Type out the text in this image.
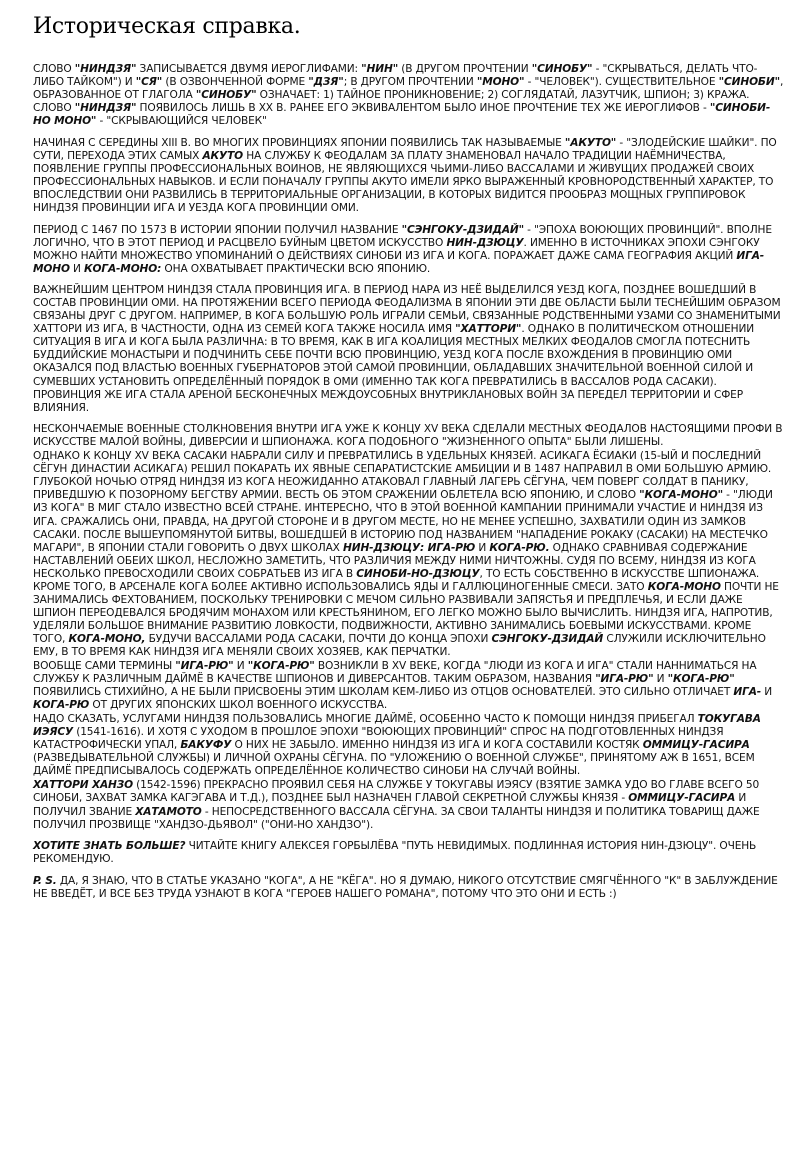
Историческая справка.

СЛОВО "НИНДЗЯ" ЗАПИСЫВАЕТСЯ ДВУМЯ ИЕРОГЛИФАМИ: "НИН" (В ДРУГОМ ПРОЧТЕНИИ "СИНОБУ" - "СКРЫВАТЬСЯ, ДЕЛАТЬ ЧТО-ЛИБО ТАЙКОМ") И "СЯ" (В ОЗВОНЧЕННОЙ ФОРМЕ "ДЗЯ"; В ДРУГОМ ПРОЧТЕНИИ "МОНО" - "ЧЕЛОВЕК"). СУЩЕСТВИТЕЛЬНОЕ "СИНОБИ", ОБРАЗОВАННОЕ ОТ ГЛАГОЛА "СИНОБУ" ОЗНАЧАЕТ: 1) ТАЙНОЕ ПРОНИКНОВЕНИЕ; 2) СОГЛЯДАТАЙ, ЛАЗУТЧИК, ШПИОН; 3) КРАЖА. СЛОВО "НИНДЗЯ" ПОЯВИЛОСЬ ЛИШЬ В XX В. РАНЕЕ ЕГО ЭКВИВАЛЕНТОМ БЫЛО ИНОЕ ПРОЧТЕНИЕ ТЕХ ЖЕ ИЕРОГЛИФОВ - "СИНОБИ-НО МОНО" - "СКРЫВАЮЩИЙСЯ ЧЕЛОВЕК"

НАЧИНАЯ С СЕРЕДИНЫ XIII В. ВО МНОГИХ ПРОВИНЦИЯХ ЯПОНИИ ПОЯВИЛИСЬ ТАК НАЗЫВАЕМЫЕ "АКУТО" - "ЗЛОДЕЙСКИЕ ШАЙКИ". ПО СУТИ, ПЕРЕХОДА ЭТИХ САМЫХ АКУТО НА СЛУЖБУ К ФЕОДАЛАМ ЗА ПЛАТУ ЗНАМЕНОВАЛ НАЧАЛО ТРАДИЦИИ НАЁМНИЧЕСТВА, ПОЯВЛЕНИЕ ГРУППЫ ПРОФЕССИОНАЛЬНЫХ ВОИНОВ, НЕ ЯВЛЯЮЩИХСЯ ЧЬИМИ-ЛИБО ВАССАЛАМИ И ЖИВУЩИХ ПРОДАЖЕЙ СВОИХ ПРОФЕССИОНАЛЬНЫХ НАВЫКОВ. И ЕСЛИ ПОНАЧАЛУ ГРУППЫ АКУТО ИМЕЛИ ЯРКО ВЫРАЖЕННЫЙ КРОВНОРОДСТВЕННЫЙ ХАРАКТЕР, ТО ВПОСЛЕДСТВИИ ОНИ РАЗВИЛИСЬ В ТЕРРИТОРИАЛЬНЫЕ ОРГАНИЗАЦИИ, В КОТОРЫХ ВИДИТСЯ ПРООБРАЗ МОЩНЫХ ГРУППИРОВОК НИНДЗЯ ПРОВИНЦИИ ИГА И УЕЗДА КОГА ПРОВИНЦИИ ОМИ.

ПЕРИОД С 1467 ПО 1573 В ИСТОРИИ ЯПОНИИ ПОЛУЧИЛ НАЗВАНИЕ "СЭНГОКУ-ДЗИДАЙ" - "ЭПОХА ВОЮЮЩИХ ПРОВИНЦИЙ". ВПОЛНЕ ЛОГИЧНО, ЧТО В ЭТОТ ПЕРИОД И РАСЦВЕЛО БУЙНЫМ ЦВЕТОМ ИСКУССТВО НИН-ДЗЮЦУ. ИМЕННО В ИСТОЧНИКАХ ЭПОХИ СЭНГОКУ МОЖНО НАЙТИ МНОЖЕСТВО УПОМИНАНИЙ О ДЕЙСТВИЯХ СИНОБИ ИЗ ИГА И КОГА. ПОРАЖАЕТ ДАЖЕ САМА ГЕОГРАФИЯ АКЦИЙ ИГА-МОНО И КОГА-МОНО: ОНА ОХВАТЫВАЕТ ПРАКТИЧЕСКИ ВСЮ ЯПОНИЮ.

ВАЖНЕЙШИМ ЦЕНТРОМ НИНДЗЯ СТАЛА ПРОВИНЦИЯ ИГА. В ПЕРИОД НАРА ИЗ НЕЁ ВЫДЕЛИЛСЯ УЕЗД КОГА, ПОЗДНЕЕ ВОШЕДШИЙ В СОСТАВ ПРОВИНЦИИ ОМИ. НА ПРОТЯЖЕНИИ ВСЕГО ПЕРИОДА ФЕОДАЛИЗМА В ЯПОНИИ ЭТИ ДВЕ ОБЛАСТИ БЫЛИ ТЕСНЕЙШИМ ОБРАЗОМ СВЯЗАНЫ ДРУГ С ДРУГОМ. НАПРИМЕР, В КОГА БОЛЬШУЮ РОЛЬ ИГРАЛИ СЕМЬИ, СВЯЗАННЫЕ РОДСТВЕННЫМИ УЗАМИ СО ЗНАМЕНИТЫМИ ХАТТОРИ ИЗ ИГА, В ЧАСТНОСТИ, ОДНА ИЗ СЕМЕЙ КОГА ТАКЖЕ НОСИЛА ИМЯ "ХАТТОРИ". ОДНАКО В ПОЛИТИЧЕСКОМ ОТНОШЕНИИ СИТУАЦИЯ В ИГА И КОГА БЫЛА РАЗЛИЧНА: В ТО ВРЕМЯ, КАК В ИГА КОАЛИЦИЯ МЕСТНЫХ МЕЛКИХ ФЕОДАЛОВ СМОГЛА ПОТЕСНИТЬ БУДДИЙСКИЕ МОНАСТЫРИ И ПОДЧИНИТЬ СЕБЕ ПОЧТИ ВСЮ ПРОВИНЦИЮ, УЕЗД КОГА ПОСЛЕ ВХОЖДЕНИЯ В ПРОВИНЦИЮ ОМИ ОКАЗАЛСЯ ПОД ВЛАСТЬЮ ВОЕННЫХ ГУБЕРНАТОРОВ ЭТОЙ САМОЙ ПРОВИНЦИИ, ОБЛАДАВШИХ ЗНАЧИТЕЛЬНОЙ ВОЕННОЙ СИЛОЙ И СУМЕВШИХ УСТАНОВИТЬ ОПРЕДЕЛЁННЫЙ ПОРЯДОК В ОМИ (ИМЕННО ТАК КОГА ПРЕВРАТИЛИСЬ В ВАССАЛОВ РОДА САСАКИ). ПРОВИНЦИЯ ЖЕ ИГА СТАЛА АРЕНОЙ БЕСКОНЕЧНЫХ МЕЖДОУСОБНЫХ ВНУТРИКЛАНОВЫХ ВОЙН ЗА ПЕРЕДЕЛ ТЕРРИТОРИИ И СФЕР ВЛИЯНИЯ.

НЕСКОНЧАЕМЫЕ ВОЕННЫЕ СТОЛКНОВЕНИЯ ВНУТРИ ИГА УЖЕ К КОНЦУ XV ВЕКА СДЕЛАЛИ МЕСТНЫХ ФЕОДАЛОВ НАСТОЯЩИМИ ПРОФИ В ИСКУССТВЕ МАЛОЙ ВОЙНЫ, ДИВЕРСИИ И ШПИОНАЖА. КОГА ПОДОБНОГО "ЖИЗНЕННОГО ОПЫТА" БЫЛИ ЛИШЕНЫ.

ОДНАКО К КОНЦУ XV ВЕКА САСАКИ НАБРАЛИ СИЛУ И ПРЕВРАТИЛИСЬ В УДЕЛЬНЫХ КНЯЗЕЙ. АСИКАГА ЁСИАКИ (15-ЫЙ И ПОСЛЕДНИЙ СЁГУН ДИНАСТИИ АСИКАГА) РЕШИЛ ПОКАРАТЬ ИХ ЯВНЫЕ СЕПАРАТИСТСКИЕ АМБИЦИИ И В 1487 НАПРАВИЛ В ОМИ БОЛЬШУЮ АРМИЮ. ГЛУБОКОЙ НОЧЬЮ ОТРЯД НИНДЗЯ ИЗ КОГА НЕОЖИДАННО АТАКОВАЛ ГЛАВНЫЙ ЛАГЕРЬ СЁГУНА, ЧЕМ ПОВЕРГ СОЛДАТ В ПАНИКУ, ПРИВЕДШУЮ К ПОЗОРНОМУ БЕГСТВУ АРМИИ. ВЕСТЬ ОБ ЭТОМ СРАЖЕНИИ ОБЛЕТЕЛА ВСЮ ЯПОНИЮ, И СЛОВО "КОГА-МОНО" - "ЛЮДИ ИЗ КОГА" В МИГ СТАЛО ИЗВЕСТНО ВСЕЙ СТРАНЕ. ИНТЕРЕСНО, ЧТО В ЭТОЙ ВОЕННОЙ КАМПАНИИ ПРИНИМАЛИ УЧАСТИЕ И НИНДЗЯ ИЗ ИГА. СРАЖАЛИСЬ ОНИ, ПРАВДА, НА ДРУГОЙ СТОРОНЕ И В ДРУГОМ МЕСТЕ, НО НЕ МЕНЕЕ УСПЕШНО, ЗАХВАТИЛИ ОДИН ИЗ ЗАМКОВ САСАКИ. ПОСЛЕ ВЫШЕУПОМЯНУТОЙ БИТВЫ, ВОШЕДШЕЙ В ИСТОРИЮ ПОД НАЗВАНИЕМ "НАПАДЕНИЕ РОКАКУ (САСАКИ) НА МЕСТЕЧКО МАГАРИ", В ЯПОНИИ СТАЛИ ГОВОРИТЬ О ДВУХ ШКОЛАХ НИН-ДЗЮЦУ: ИГА-РЮ И КОГА-РЮ. ОДНАКО СРАВНИВАЯ СОДЕРЖАНИЕ НАСТАВЛЕНИЙ ОБЕИХ ШКОЛ, НЕСЛОЖНО ЗАМЕТИТЬ, ЧТО РАЗЛИЧИЯ МЕЖДУ НИМИ НИЧТОЖНЫ. СУДЯ ПО ВСЕМУ, НИНДЗЯ ИЗ КОГА НЕСКОЛЬКО ПРЕВОСХОДИЛИ СВОИХ СОБРАТЬЕВ ИЗ ИГА В СИНОБИ-НО-ДЗЮЦУ, ТО ЕСТЬ СОБСТВЕННО В ИСКУССТВЕ ШПИОНАЖА. КРОМЕ ТОГО, В АРСЕНАЛЕ КОГА БОЛЕЕ АКТИВНО ИСПОЛЬЗОВАЛИСЬ ЯДЫ И ГАЛЛЮЦИНОГЕННЫЕ СМЕСИ. ЗАТО КОГА-МОНО ПОЧТИ НЕ ЗАНИМАЛИСЬ ФЕХТОВАНИЕМ, ПОСКОЛЬКУ ТРЕНИРОВКИ С МЕЧОМ СИЛЬНО РАЗВИВАЛИ ЗАПЯСТЬЯ И ПРЕДПЛЕЧЬЯ, И ЕСЛИ ДАЖЕ ШПИОН ПЕРЕОДЕВАЛСЯ БРОДЯЧИМ МОНАХОМ ИЛИ КРЕСТЬЯНИНОМ, ЕГО ЛЕГКО МОЖНО БЫЛО ВЫЧИСЛИТЬ. НИНДЗЯ ИГА, НАПРОТИВ, УДЕЛЯЛИ БОЛЬШОЕ ВНИМАНИЕ РАЗВИТИЮ ЛОВКОСТИ, ПОДВИЖНОСТИ, АКТИВНО ЗАНИМАЛИСЬ БОЕВЫМИ ИСКУССТВАМИ. КРОМЕ ТОГО, КОГА-МОНО, БУДУЧИ ВАССАЛАМИ РОДА САСАКИ, ПОЧТИ ДО КОНЦА ЭПОХИ СЭНГОКУ-ДЗИДАЙ СЛУЖИЛИ ИСКЛЮЧИТЕЛЬНО ЕМУ, В ТО ВРЕМЯ КАК НИНДЗЯ ИГА МЕНЯЛИ СВОИХ ХОЗЯЕВ, КАК ПЕРЧАТКИ.

ВООБЩЕ САМИ ТЕРМИНЫ "ИГА-РЮ" И "КОГА-РЮ" ВОЗНИКЛИ В XV ВЕКЕ, КОГДА "ЛЮДИ ИЗ КОГА И ИГА" СТАЛИ НАННИМАТЬСЯ НА СЛУЖБУ К РАЗЛИЧНЫМ ДАЙМЁ В КАЧЕСТВЕ ШПИОНОВ И ДИВЕРСАНТОВ. ТАКИМ ОБРАЗОМ, НАЗВАНИЯ "ИГА-РЮ" И "КОГА-РЮ" ПОЯВИЛИСЬ СТИХИЙНО, А НЕ БЫЛИ ПРИСВОЕНЫ ЭТИМ ШКОЛАМ КЕМ-ЛИБО ИЗ ОТЦОВ ОСНОВАТЕЛЕЙ. ЭТО СИЛЬНО ОТЛИЧАЕТ ИГА- И КОГА-РЮ ОТ ДРУГИХ ЯПОНСКИХ ШКОЛ ВОЕННОГО ИСКУССТВА.

НАДО СКАЗАТЬ, УСЛУГАМИ НИНДЗЯ ПОЛЬЗОВАЛИСЬ МНОГИЕ ДАЙМЁ, ОСОБЕННО ЧАСТО К ПОМОЩИ НИНДЗЯ ПРИБЕГАЛ ТОКУГАВА ИЭЯСУ (1541-1616). И ХОТЯ С УХОДОМ В ПРОШЛОЕ ЭПОХИ "ВОЮЮЩИХ ПРОВИНЦИЙ" СПРОС НА ПОДГОТОВЛЕННЫХ НИНДЗЯ КАТАСТРОФИЧЕСКИ УПАЛ, БАКУФУ О НИХ НЕ ЗАБЫЛО. ИМЕННО НИНДЗЯ ИЗ ИГА И КОГА СОСТАВИЛИ КОСТЯК ОММИЦУ-ГАСИРА (РАЗВЕДЫВАТЕЛЬНОЙ СЛУЖБЫ) И ЛИЧНОЙ ОХРАНЫ СЁГУНА. ПО "УЛОЖЕНИЮ О ВОЕННОЙ СЛУЖБЕ", ПРИНЯТОМУ АЖ В 1651, ВСЕМ ДАЙМЁ ПРЕДПИСЫВАЛОСЬ СОДЕРЖАТЬ ОПРЕДЕЛЁННОЕ КОЛИЧЕСТВО СИНОБИ НА СЛУЧАЙ ВОЙНЫ.

ХАТТОРИ ХАНЗО (1542-1596) ПРЕКРАСНО ПРОЯВИЛ СЕБЯ НА СЛУЖБЕ У ТОКУГАВЫ ИЭЯСУ (ВЗЯТИЕ ЗАМКА УДО ВО ГЛАВЕ ВСЕГО 50 СИНОБИ, ЗАХВАТ ЗАМКА КАГЭГАВА И Т.Д.), ПОЗДНЕЕ БЫЛ НАЗНАЧЕН ГЛАВОЙ СЕКРЕТНОЙ СЛУЖБЫ КНЯЗЯ - ОММИЦУ-ГАСИРА И ПОЛУЧИЛ ЗВАНИЕ ХАТАМОТО - НЕПОСРЕДСТВЕННОГО ВАССАЛА СЁГУНА. ЗА СВОИ ТАЛАНТЫ НИНДЗЯ И ПОЛИТИКА ТОВАРИЩ ДАЖЕ ПОЛУЧИЛ ПРОЗВИЩЕ "ХАНДЗО-ДЬЯВОЛ" ("ОНИ-НО ХАНДЗО").

ХОТИТЕ ЗНАТЬ БОЛЬШЕ? ЧИТАЙТЕ КНИГУ АЛЕКСЕЯ ГОРБЫЛЁВА "ПУТЬ НЕВИДИМЫХ. ПОДЛИННАЯ ИСТОРИЯ НИН-ДЗЮЦУ". ОЧЕНЬ РЕКОМЕНДУЮ.

P. S. ДА, Я ЗНАЮ, ЧТО В СТАТЬЕ УКАЗАНО "КОГА", А НЕ "КЁГА". НО Я ДУМАЮ, НИКОГО ОТСУТСТВИЕ СМЯГЧЁННОГО "К" В ЗАБЛУЖДЕНИЕ НЕ ВВЕДЁТ, И ВСЕ БЕЗ ТРУДА УЗНАЮТ В КОГА "ГЕРОЕВ НАШЕГО РОМАНА", ПОТОМУ ЧТО ЭТО ОНИ И ЕСТЬ :)
